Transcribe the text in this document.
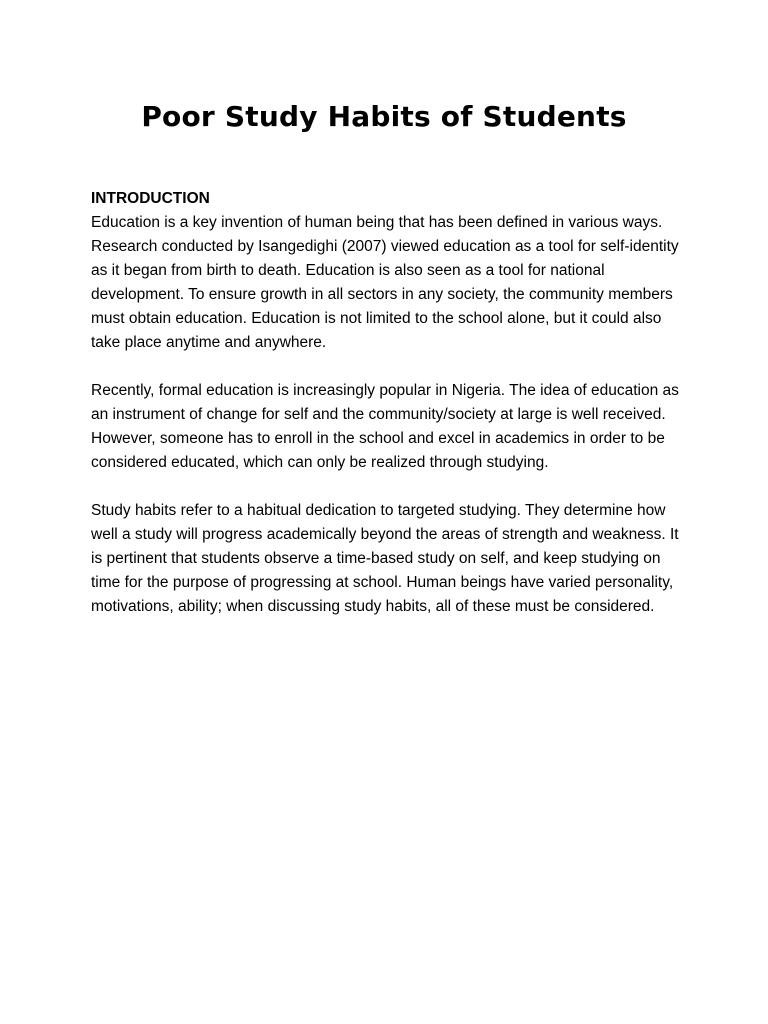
Poor Study Habits of Students

INTRODUCTION

Education is a key invention of human being that has been defined in various ways. Research conducted by Isangedighi (2007) viewed education as a tool for self-identity as it began from birth to death. Education is also seen as a tool for national development. To ensure growth in all sectors in any society, the community members must obtain education. Education is not limited to the school alone, but it could also take place anytime and anywhere.

Recently, formal education is increasingly popular in Nigeria. The idea of education as an instrument of change for self and the community/society at large is well received. However, someone has to enroll in the school and excel in academics in order to be considered educated, which can only be realized through studying.

Study habits refer to a habitual dedication to targeted studying. They determine how well a study will progress academically beyond the areas of strength and weakness. It is pertinent that students observe a time-based study on self, and keep studying on time for the purpose of progressing at school. Human beings have varied personality, motivations, ability; when discussing study habits, all of these must be considered.
